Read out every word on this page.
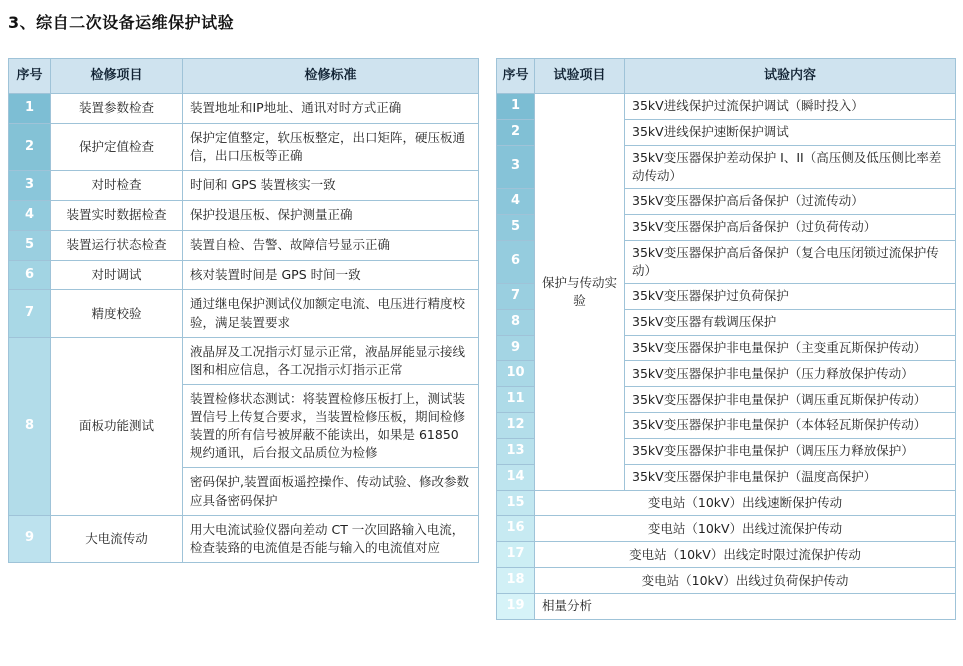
3、综自二次设备运维保护试验
序号	检修项目	检修标准
1	装置参数检查	装置地址和IP地址、通讯对时方式正确
2	保护定值检查	保护定值整定，软压板整定，出口矩阵，硬压板通信，出口压板等正确
3	对时检查	时间和 GPS 装置核实一致
4	装置实时数据检查	保护投退压板、保护测量正确
5	装置运行状态检查	装置自检、告警、故障信号显示正确
6	对时调试	核对装置时间是 GPS 时间一致
7	精度校验	通过继电保护测试仪加额定电流、电压进行精度校验，满足装置要求
8	面板功能测试	液晶屏及工况指示灯显示正常，液晶屏能显示接线图和相应信息，各工况指示灯指示正常
		装置检修状态测试：将装置检修压板打上，测试装置信号上传复合要求，当装置检修压板，期间检修装置的所有信号被屏蔽不能读出，如果是 61850 规约通讯，后台报文品质位为检修
		密码保护,装置面板遥控操作、传动试验、修改参数应具备密码保护
9	大电流传动	用大电流试验仪器向差动 CT 一次回路输入电流，检查装臵的电流值是否能与输入的电流值对应
序号	试验项目	试验内容
1	保护与传动实验	35kV进线保护过流保护调试（瞬时投入）
2		35kV进线保护速断保护调试
3		35kV变压器保护差动保护 I、II（高压侧及低压侧比率差动传动）
4		35kV变压器保护高后备保护（过流传动）
5		35kV变压器保护高后备保护（过负荷传动）
6		35kV变压器保护高后备保护（复合电压闭锁过流保护传动）
7		35kV变压器保护过负荷保护
8		35kV变压器有载调压保护
9		35kV变压器保护非电量保护（主变重瓦斯保护传动）
10		35kV变压器保护非电量保护（压力释放保护传动）
11		35kV变压器保护非电量保护（调压重瓦斯保护传动）
12		35kV变压器保护非电量保护（本体轻瓦斯保护传动）
13		35kV变压器保护非电量保护（调压压力释放保护）
14		35kV变压器保护非电量保护（温度高保护）
15	变电站（10kV）出线速断保护传动	
16	变电站（10kV）出线过流保护传动	
17	变电站（10kV）出线定时限过流保护传动	
18	变电站（10kV）出线过负荷保护传动	
19	相量分析	
